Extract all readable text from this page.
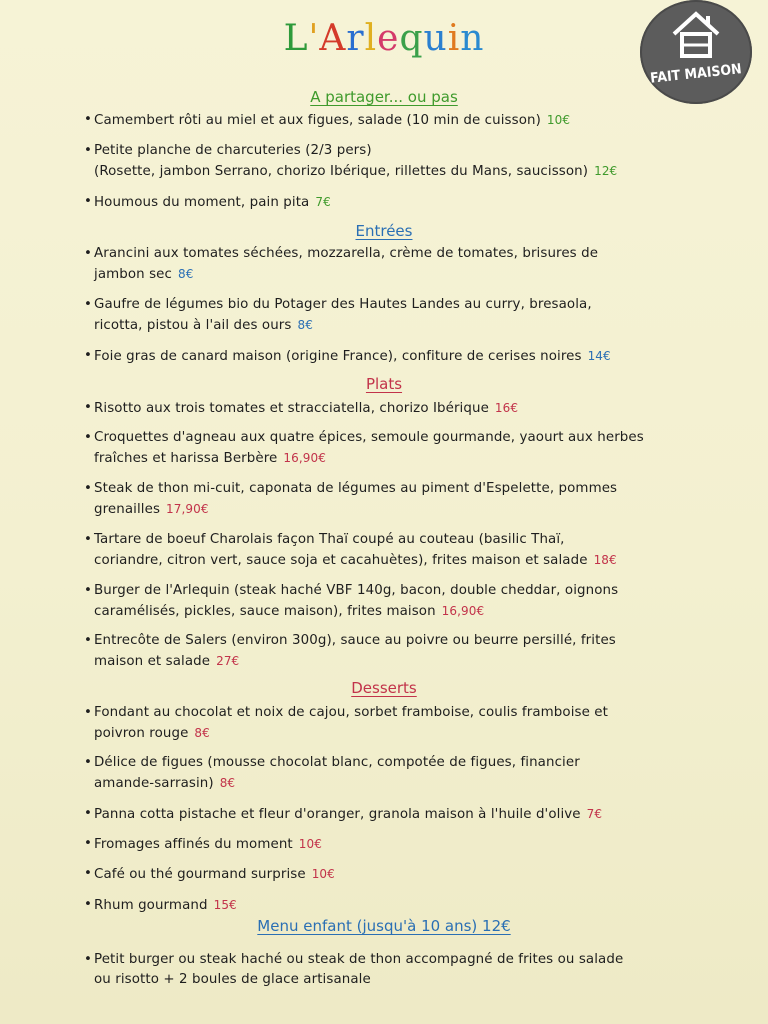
L'Arlequin
FAIT MAISON
A partager... ou pas
• Camembert rôti au miel et aux figues, salade (10 min de cuisson) 10€
• Petite planche de charcuteries (2/3 pers)
(Rosette, jambon Serrano, chorizo Ibérique, rillettes du Mans, saucisson) 12€
• Houmous du moment, pain pita 7€
Entrées
• Arancini aux tomates séchées, mozzarella, crème de tomates, brisures de
jambon sec 8€
• Gaufre de légumes bio du Potager des Hautes Landes au curry, bresaola,
ricotta, pistou à l'ail des ours 8€
• Foie gras de canard maison (origine France), confiture de cerises noires 14€
Plats
• Risotto aux trois tomates et stracciatella, chorizo Ibérique 16€
• Croquettes d'agneau aux quatre épices, semoule gourmande, yaourt aux herbes
fraîches et harissa Berbère 16,90€
• Steak de thon mi-cuit, caponata de légumes au piment d'Espelette, pommes
grenailles 17,90€
• Tartare de boeuf Charolais façon Thaï coupé au couteau (basilic Thaï,
coriandre, citron vert, sauce soja et cacahuètes), frites maison et salade 18€
• Burger de l'Arlequin (steak haché VBF 140g, bacon, double cheddar, oignons
caramélisés, pickles, sauce maison), frites maison 16,90€
• Entrecôte de Salers (environ 300g), sauce au poivre ou beurre persillé, frites
maison et salade 27€
Desserts
• Fondant au chocolat et noix de cajou, sorbet framboise, coulis framboise et
poivron rouge 8€
• Délice de figues (mousse chocolat blanc, compotée de figues, financier
amande-sarrasin) 8€
• Panna cotta pistache et fleur d'oranger, granola maison à l'huile d'olive 7€
• Fromages affinés du moment 10€
• Café ou thé gourmand surprise 10€
• Rhum gourmand 15€
Menu enfant (jusqu'à 10 ans) 12€
• Petit burger ou steak haché ou steak de thon accompagné de frites ou salade
ou risotto + 2 boules de glace artisanale
